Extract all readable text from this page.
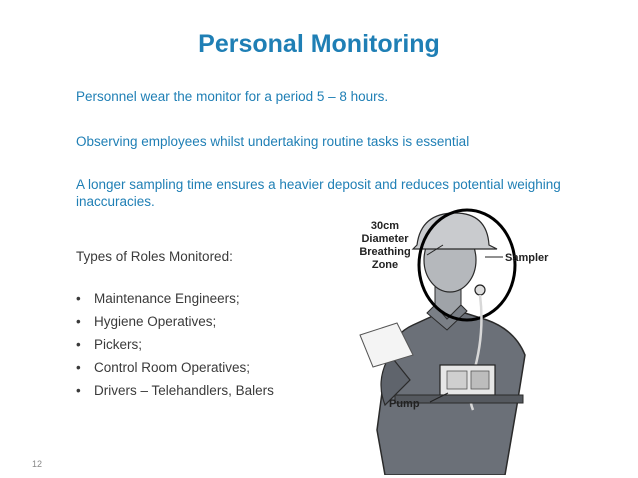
Personal Monitoring

Personnel wear the monitor for a period 5 – 8 hours.

Observing employees whilst undertaking routine tasks is essential

A longer sampling time ensures a heavier deposit and reduces potential weighing inaccuracies.

Types of Roles Monitored:

• Maintenance Engineers;
• Hygiene Operatives;
• Pickers;
• Control Room Operatives;
• Drivers – Telehandlers, Balers
30cm
Diameter
Breathing
Zone
Sampler
Pump
12
